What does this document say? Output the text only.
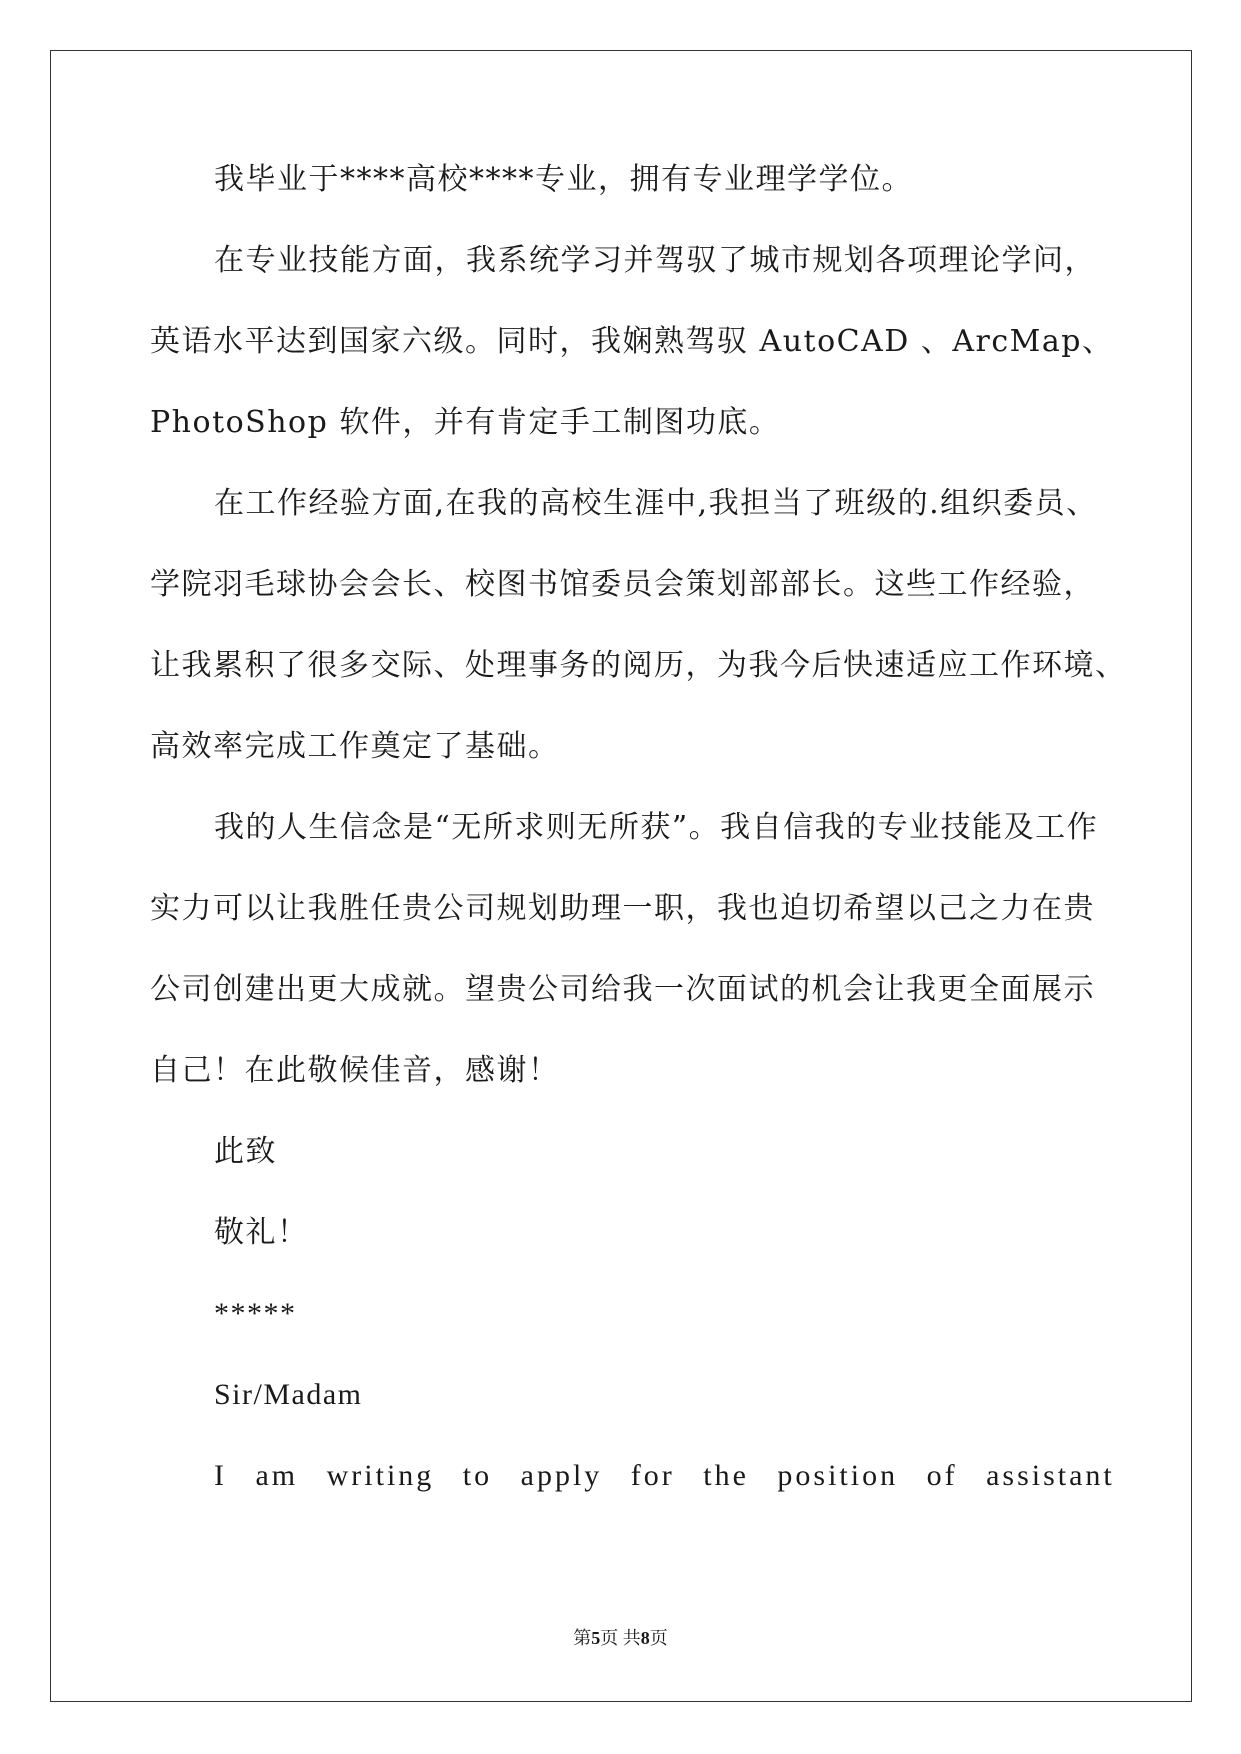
我毕业于****高校****专业，拥有专业理学学位。
在专业技能方面，我系统学习并驾驭了城市规划各项理论学问，
英语水平达到国家六级。同时，我娴熟驾驭 AutoCAD 、ArcMap、
PhotoShop 软件，并有肯定手工制图功底。
在工作经验方面,在我的高校生涯中,我担当了班级的.组织委员、
学院羽毛球协会会长、校图书馆委员会策划部部长。这些工作经验，
让我累积了很多交际、处理事务的阅历，为我今后快速适应工作环境、
高效率完成工作奠定了基础。
我的人生信念是“无所求则无所获”。我自信我的专业技能及工作
实力可以让我胜任贵公司规划助理一职，我也迫切希望以己之力在贵
公司创建出更大成就。望贵公司给我一次面试的机会让我更全面展示
自己！在此敬候佳音，感谢！
此致
敬礼！
*****
Sir/Madam
I am writing to apply for the position of assistant
第5页 共8页
